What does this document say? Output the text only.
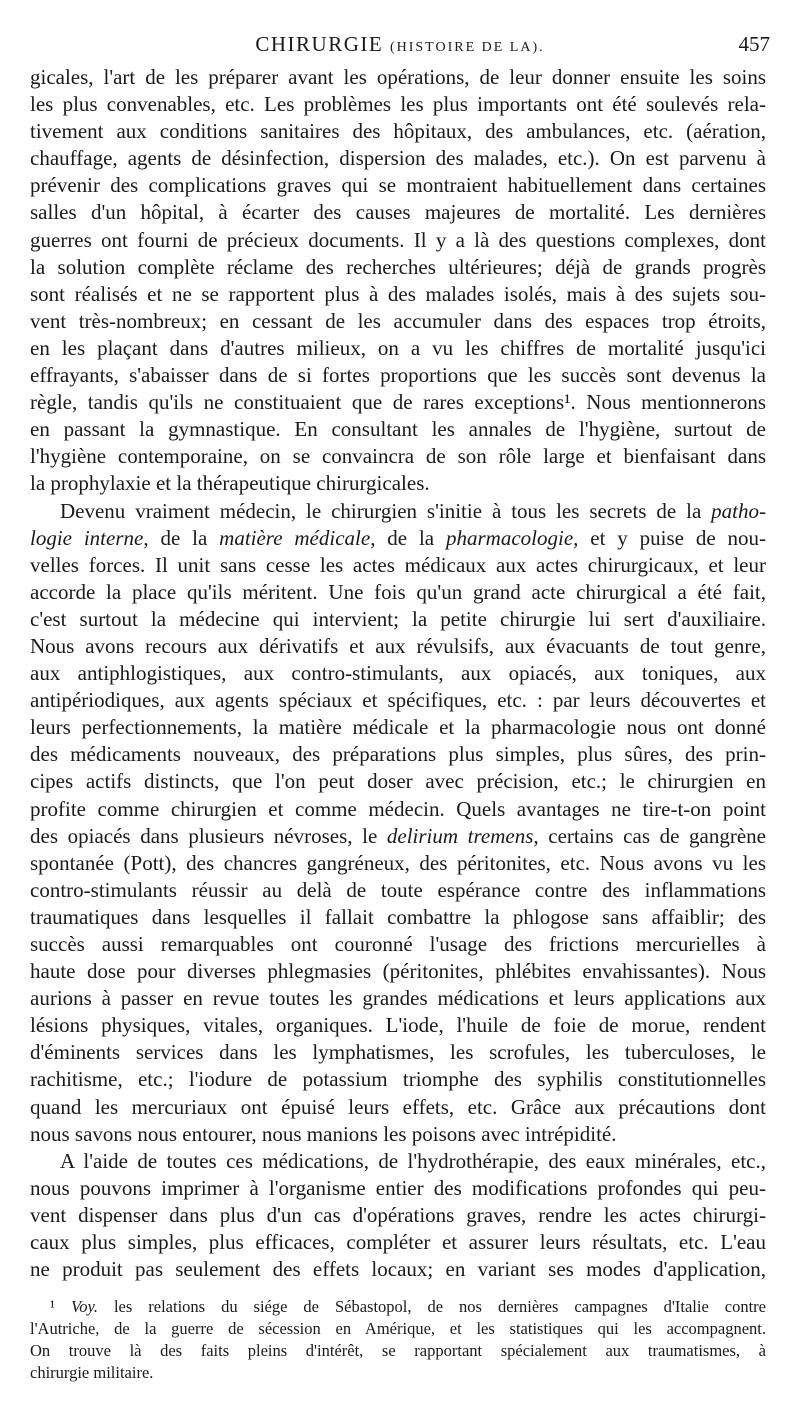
CHIRURGIE (HISTOIRE DE LA).	457
gicales, l'art de les préparer avant les opérations, de leur donner ensuite les soins
les plus convenables, etc. Les problèmes les plus importants ont été soulevés rela-
tivement aux conditions sanitaires des hôpitaux, des ambulances, etc. (aération,
chauffage, agents de désinfection, dispersion des malades, etc.). On est parvenu à
prévenir des complications graves qui se montraient habituellement dans certaines
salles d'un hôpital, à écarter des causes majeures de mortalité. Les dernières
guerres ont fourni de précieux documents. Il y a là des questions complexes, dont
la solution complète réclame des recherches ultérieures; déjà de grands progrès
sont réalisés et ne se rapportent plus à des malades isolés, mais à des sujets sou-
vent très-nombreux; en cessant de les accumuler dans des espaces trop étroits,
en les plaçant dans d'autres milieux, on a vu les chiffres de mortalité jusqu'ici
effrayants, s'abaisser dans de si fortes proportions que les succès sont devenus la
règle, tandis qu'ils ne constituaient que de rares exceptions¹. Nous mentionnerons
en passant la gymnastique. En consultant les annales de l'hygiène, surtout de
l'hygiène contemporaine, on se convaincra de son rôle large et bienfaisant dans
la prophylaxie et la thérapeutique chirurgicales.
Devenu vraiment médecin, le chirurgien s'initie à tous les secrets de la patho-
logie interne, de la matière médicale, de la pharmacologie, et y puise de nou-
velles forces. Il unit sans cesse les actes médicaux aux actes chirurgicaux, et leur
accorde la place qu'ils méritent. Une fois qu'un grand acte chirurgical a été fait,
c'est surtout la médecine qui intervient; la petite chirurgie lui sert d'auxiliaire.
Nous avons recours aux dérivatifs et aux révulsifs, aux évacuants de tout genre,
aux antiphlogistiques, aux contro-stimulants, aux opiacés, aux toniques, aux
antipériodiques, aux agents spéciaux et spécifiques, etc. : par leurs découvertes et
leurs perfectionnements, la matière médicale et la pharmacologie nous ont donné
des médicaments nouveaux, des préparations plus simples, plus sûres, des prin-
cipes actifs distincts, que l'on peut doser avec précision, etc.; le chirurgien en
profite comme chirurgien et comme médecin. Quels avantages ne tire-t-on point
des opiacés dans plusieurs névroses, le delirium tremens, certains cas de gangrène
spontanée (Pott), des chancres gangréneux, des péritonites, etc. Nous avons vu les
contro-stimulants réussir au delà de toute espérance contre des inflammations
traumatiques dans lesquelles il fallait combattre la phlogose sans affaiblir; des
succès aussi remarquables ont couronné l'usage des frictions mercurielles à
haute dose pour diverses phlegmasies (péritonites, phlébites envahissantes). Nous
aurions à passer en revue toutes les grandes médications et leurs applications aux
lésions physiques, vitales, organiques. L'iode, l'huile de foie de morue, rendent
d'éminents services dans les lymphatismes, les scrofules, les tuberculoses, le
rachitisme, etc.; l'iodure de potassium triomphe des syphilis constitutionnelles
quand les mercuriaux ont épuisé leurs effets, etc. Grâce aux précautions dont
nous savons nous entourer, nous manions les poisons avec intrépidité.
A l'aide de toutes ces médications, de l'hydrothérapie, des eaux minérales, etc.,
nous pouvons imprimer à l'organisme entier des modifications profondes qui peu-
vent dispenser dans plus d'un cas d'opérations graves, rendre les actes chirurgi-
caux plus simples, plus efficaces, compléter et assurer leurs résultats, etc. L'eau
ne produit pas seulement des effets locaux; en variant ses modes d'application,
¹ Voy. les relations du siége de Sébastopol, de nos dernières campagnes d'Italie contre
l'Autriche, de la guerre de sécession en Amérique, et les statistiques qui les accompagnent.
On trouve là des faits pleins d'intérêt, se rapportant spécialement aux traumatismes, à
chirurgie militaire.
